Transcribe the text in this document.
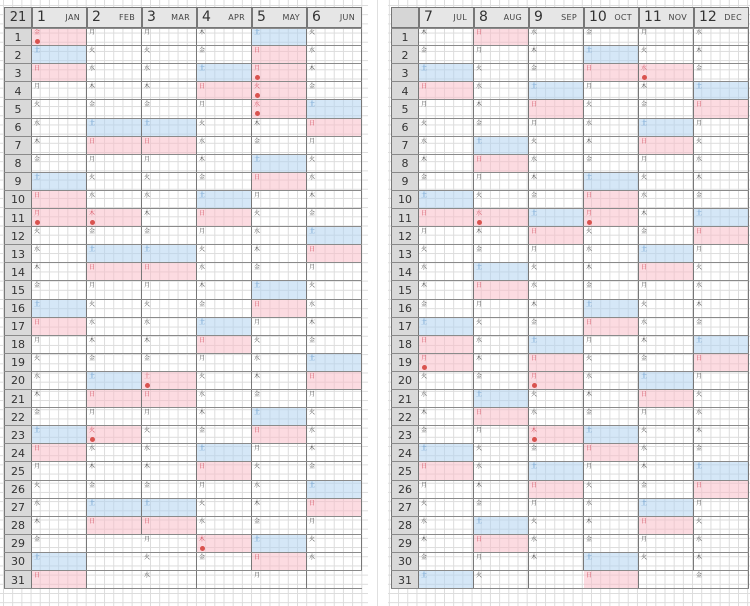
21
1
2
3
4
5
6
7
8
9
10
11
12
13
14
15
16
17
18
19
20
21
22
23
24
25
26
27
28
29
30
31
1 JAN
金
土
日
月
火
水
木
金
土
日
月
火
水
木
金
土
日
月
火
水
木
金
土
日
月
火
水
木
金
土
日
2 FEB
月
火
水
木
金
土
日
月
火
水
木
金
土
日
月
火
水
木
金
土
日
月
火
水
木
金
土
日
3 MAR
月
火
水
木
金
土
日
月
火
水
木
金
土
日
月
火
水
木
金
土
日
月
火
水
木
金
土
日
月
火
水
4 APR
木
金
土
日
月
火
水
木
金
土
日
月
火
水
木
金
土
日
月
火
水
木
金
土
日
月
火
水
木
金
5 MAY
土
日
月
火
水
木
金
土
日
月
火
水
木
金
土
日
月
火
水
木
金
土
日
月
火
水
木
金
土
日
月
6 JUN
火
水
木
金
土
日
月
火
水
木
金
土
日
月
火
水
木
金
土
日
月
火
水
木
金
土
日
月
火
水
1
2
3
4
5
6
7
8
9
10
11
12
13
14
15
16
17
18
19
20
21
22
23
24
25
26
27
28
29
30
31
7	JUL
木
金
土
日
月
火
水
木
金
土
日
月
火
水
木
金
土
日
月
火
水
木
金
土
日
月
火
水
木
金
土
8 AUG
日
月
火
水
木
金
土
日
月
火
水
木
金
土
日
月
火
水
木
金
土
日
月
火
水
木
金
土
日
月
火
9 SEP
水
木
金
土
日
月
火
水
木
金
土
日
月
火
水
木
金
土
日
月
火
水
木
金
土
日
月
火
水
木
10 OCT
金
土
日
月
火
水
木
金
土
日
月
火
水
木
金
土
日
月
火
水
木
金
土
日
月
火
水
木
金
土
日
11 NOV
月
火
水
木
金
土
日
月
火
水
木
金
土
日
月
火
水
木
金
土
日
月
火
水
木
金
土
日
月
火
12 DEC
水
木
金
土
日
月
火
水
木
金
土
日
月
火
水
木
金
土
日
月
火
水
木
金
土
日
月
火
水
木
金
